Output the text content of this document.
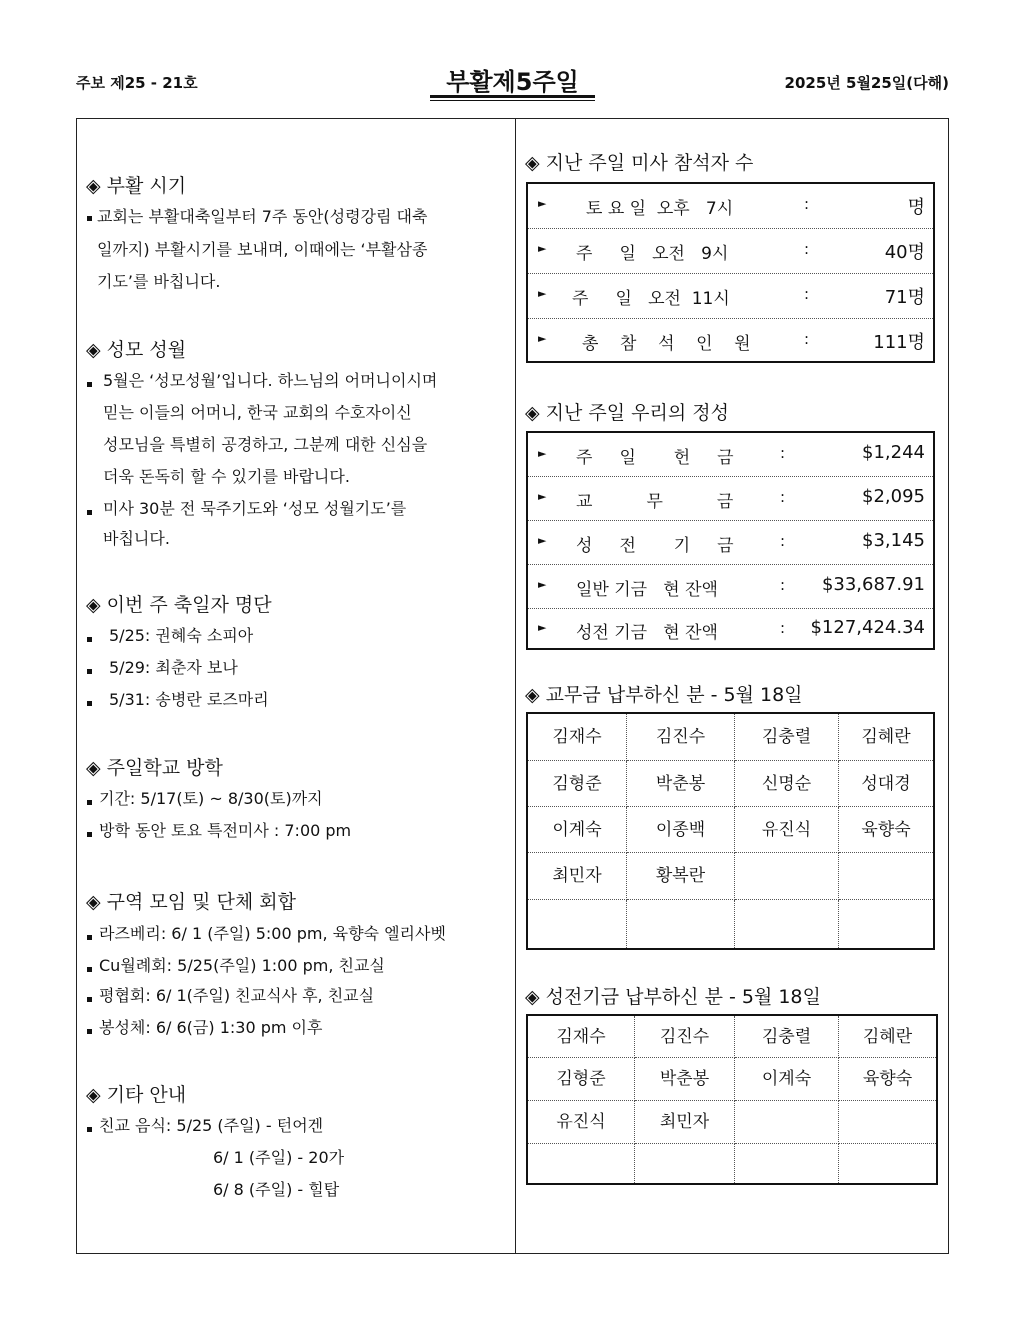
주보 제25 - 21호	부활제5주일	2025년 5월25일(다해)
◈ 부활 시기
교회는 부활대축일부터 7주 동안(성령강림 대축
일까지) 부활시기를 보내며, 이때에는 ‘부활삼종
기도’를 바칩니다.
◈ 성모 성월
5월은 ‘성모성월’입니다. 하느님의 어머니이시며
믿는 이들의 어머니, 한국 교회의 수호자이신
성모님을 특별히 공경하고, 그분께 대한 신심을
더욱 돈독히 할 수 있기를 바랍니다.
미사 30분 전 묵주기도와 ‘성모 성월기도’를
바칩니다.
◈ 이번 주 축일자 명단
5/25: 권혜숙 소피아
5/29: 최춘자 보나
5/31: 송병란 로즈마리
◈ 주일학교 방학
기간: 5/17(토) ~ 8/30(토)까지
방학 동안 토요 특전미사 : 7:00 pm
◈ 구역 모임 및 단체 회합
라즈베리: 6/ 1 (주일) 5:00 pm, 육향숙 엘리사벳
Cu월례회: 5/25(주일) 1:00 pm, 친교실
평협회: 6/ 1(주일) 친교식사 후, 친교실
봉성체: 6/ 6(금) 1:30 pm 이후
◈ 기타 안내
친교 음식: 5/25 (주일) - 턴어겐
6/ 1 (주일) - 20가
6/ 8 (주일) - 힐탑
◈ 지난 주일 미사 참석자 수
► 토 요 일  오후   7시	:	명
► 주     일   오전   9시	:	40명
► 주     일   오전  11시	:	71명
► 총    참    석    인    원	:	111명
◈ 지난 주일 우리의 정성
► 주     일       헌     금	:	$1,244
► 교          무          금	:	$2,095
► 성     전       기     금	:	$3,145
► 일반 기금   현 잔액	: $33,687.91
► 성전 기금   현 잔액	: $127,424.34
◈ 교무금 납부하신 분 - 5월 18일
김재수	김진수	김충렬	김혜란
김형준	박춘봉	신명순	성대경
이계숙	이종백	유진식	육향숙
최민자	황복란
◈ 성전기금 납부하신 분 - 5월 18일
김재수	김진수	김충렬	김혜란
김형준	박춘봉	이계숙	육향숙
유진식	최민자
